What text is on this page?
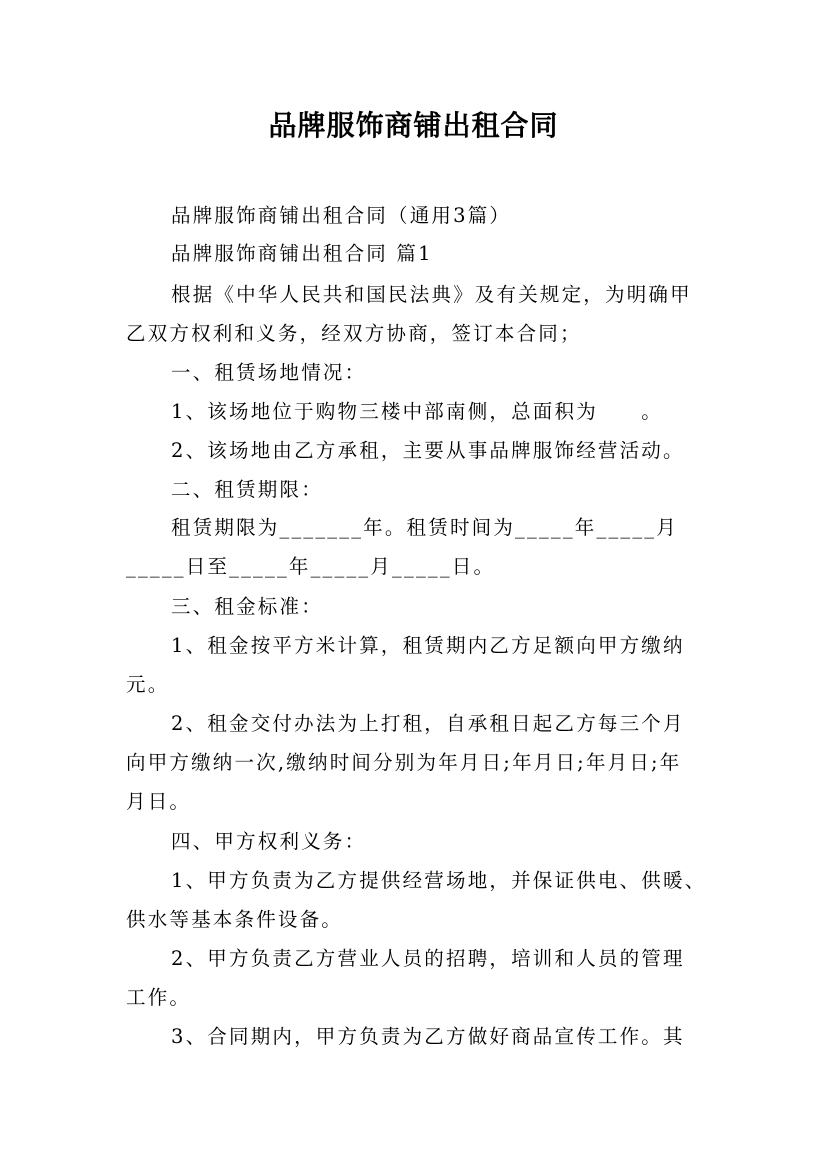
品牌服饰商铺出租合同
品牌服饰商铺出租合同（通用3篇）
品牌服饰商铺出租合同 篇1
根据《中华人民共和国民法典》及有关规定，为明确甲
乙双方权利和义务，经双方协商，签订本合同；
一、租赁场地情况：
1、该场地位于购物三楼中部南侧，总面积为　　。
2、该场地由乙方承租，主要从事品牌服饰经营活动。
二、租赁期限：
租赁期限为_______年。租赁时间为_____年_____月
_____日至_____年_____月_____日。
三、租金标准：
1、租金按平方米计算，租赁期内乙方足额向甲方缴纳
元。
2、租金交付办法为上打租，自承租日起乙方每三个月
向甲方缴纳一次,缴纳时间分别为年月日;年月日;年月日;年
月日。
四、甲方权利义务：
1、甲方负责为乙方提供经营场地，并保证供电、供暖、
供水等基本条件设备。
2、甲方负责乙方营业人员的招聘，培训和人员的管理
工作。
3、合同期内，甲方负责为乙方做好商品宣传工作。其
